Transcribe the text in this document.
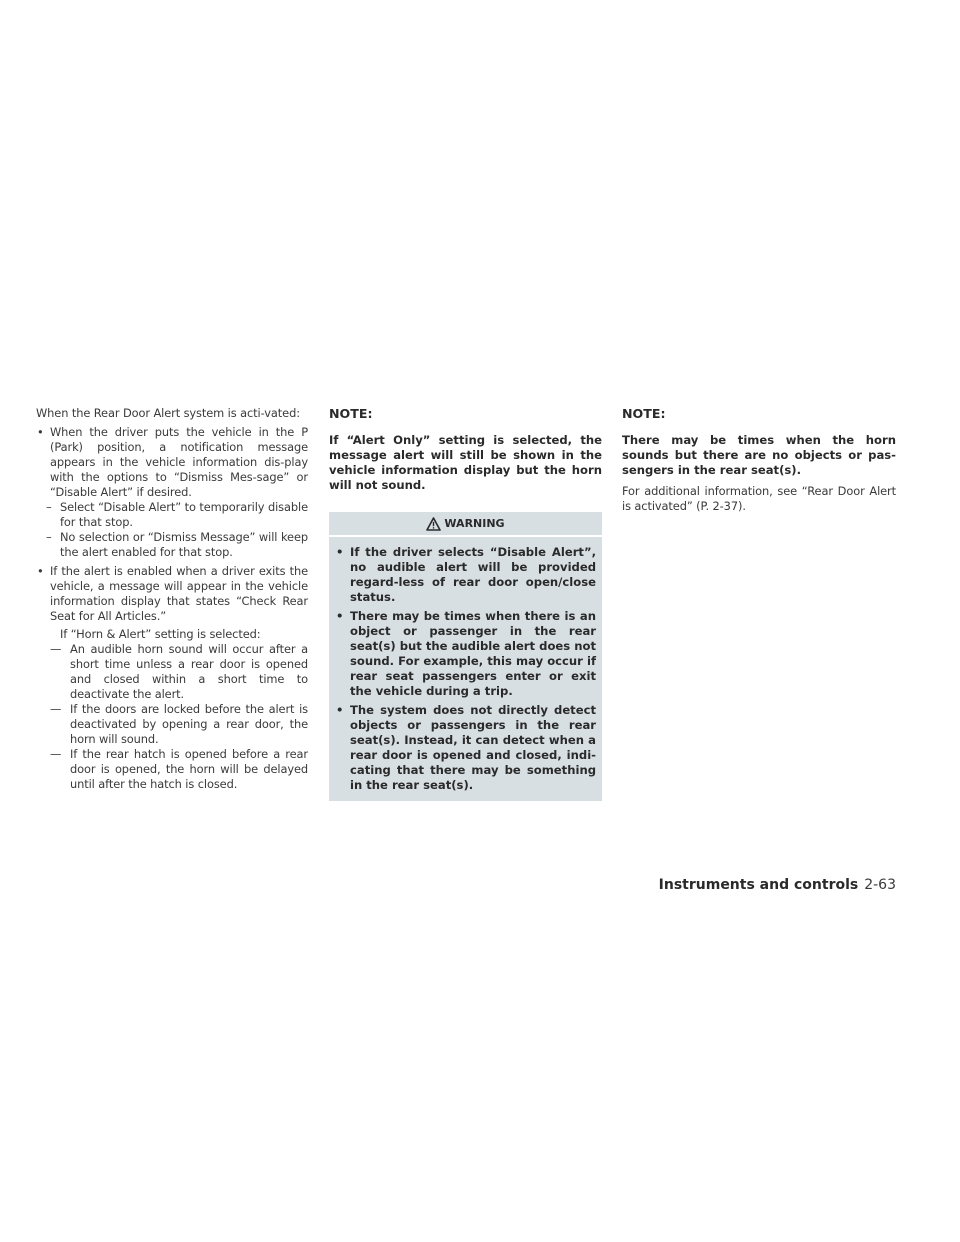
When the Rear Door Alert system is acti-vated:

• When the driver puts the vehicle in the P (Park) position, a notification message appears in the vehicle information dis-play with the options to “Dismiss Mes-sage” or “Disable Alert” if desired.
– Select “Disable Alert” to temporarily disable for that stop.
– No selection or “Dismiss Message” will keep the alert enabled for that stop.
• If the alert is enabled when a driver exits the vehicle, a message will appear in the vehicle information display that states “Check Rear Seat for All Articles.”

If “Horn & Alert” setting is selected:

— An audible horn sound will occur after a short time unless a rear door is opened and closed within a short time to deactivate the alert.
— If the doors are locked before the alert is deactivated by opening a rear door, the horn will sound.
— If the rear hatch is opened before a rear door is opened, the horn will be delayed until after the hatch is closed.

NOTE:

If “Alert Only” setting is selected, the message alert will still be shown in the vehicle information display but the horn will not sound.

WARNING
• If the driver selects “Disable Alert”, no audible alert will be provided regard-less of rear door open/close status.
• There may be times when there is an object or passenger in the rear seat(s) but the audible alert does not sound. For example, this may occur if rear seat passengers enter or exit the vehicle during a trip.
• The system does not directly detect objects or passengers in the rear seat(s). Instead, it can detect when a rear door is opened and closed, indi-cating that there may be something in the rear seat(s).

NOTE:

There may be times when the horn sounds but there are no objects or pas-sengers in the rear seat(s).

For additional information, see “Rear Door Alert is activated” (P. 2-37).

Instruments and controls 2-63
